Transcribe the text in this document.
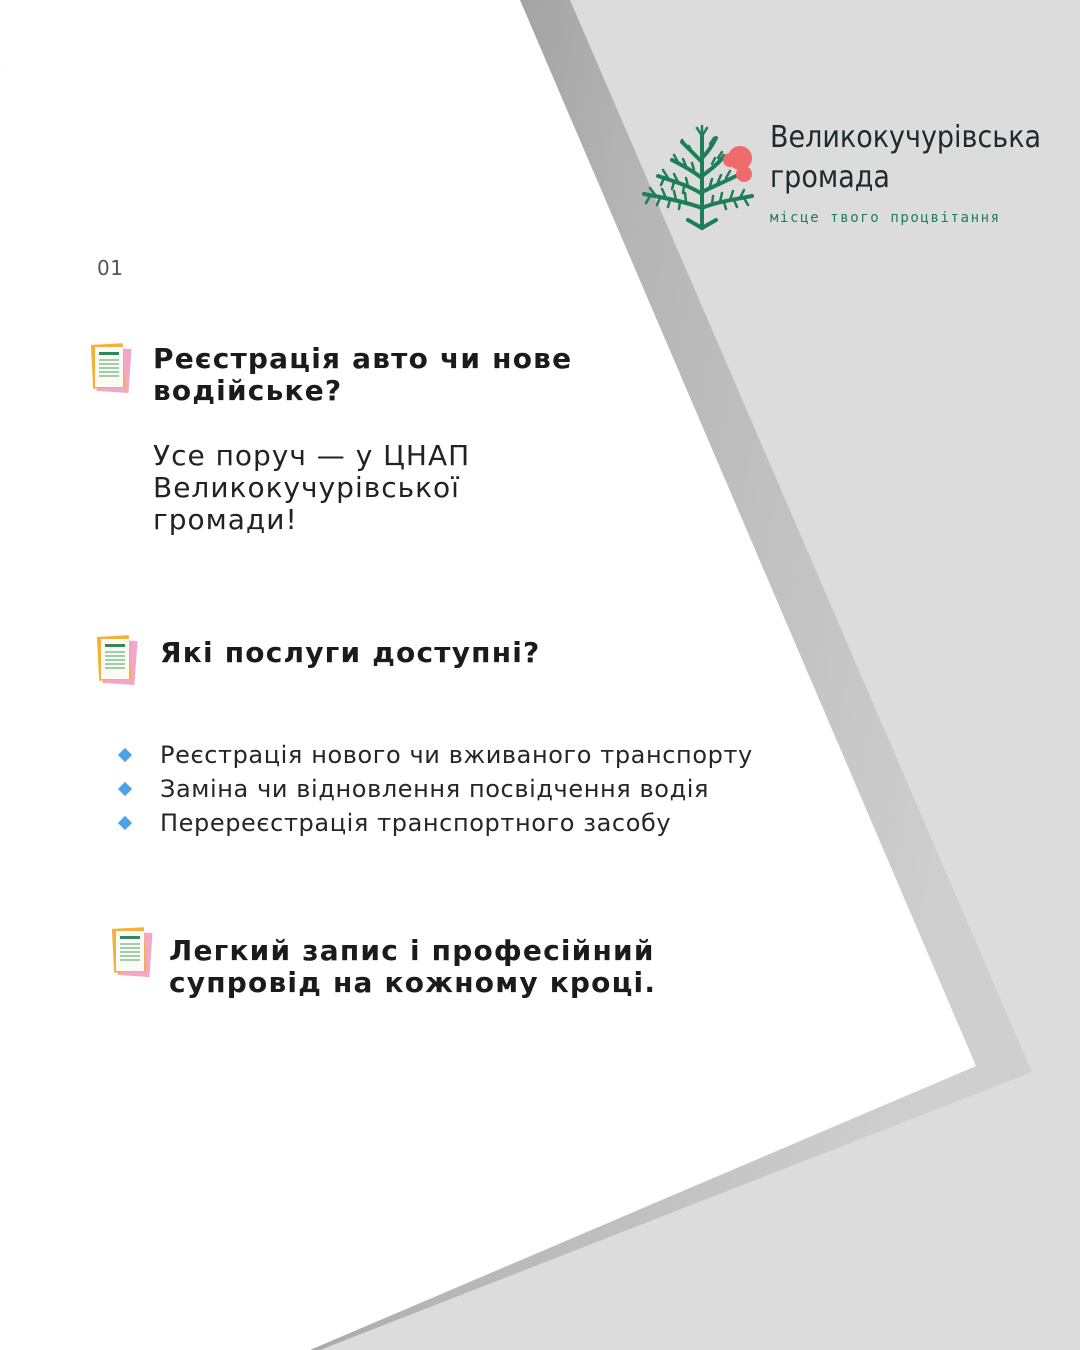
Великокучурівська
громада
місце твого процвітання
01
Реєстрація авто чи нове
водійське?

Усе поруч — у ЦНАП
Великокучурівської
громади!

Які послуги доступні?
Реєстрація нового чи вживаного транспорту
Заміна чи відновлення посвідчення водія
Перереєстрація транспортного засобу
Легкий запис і професійний
супровід на кожному кроці.
